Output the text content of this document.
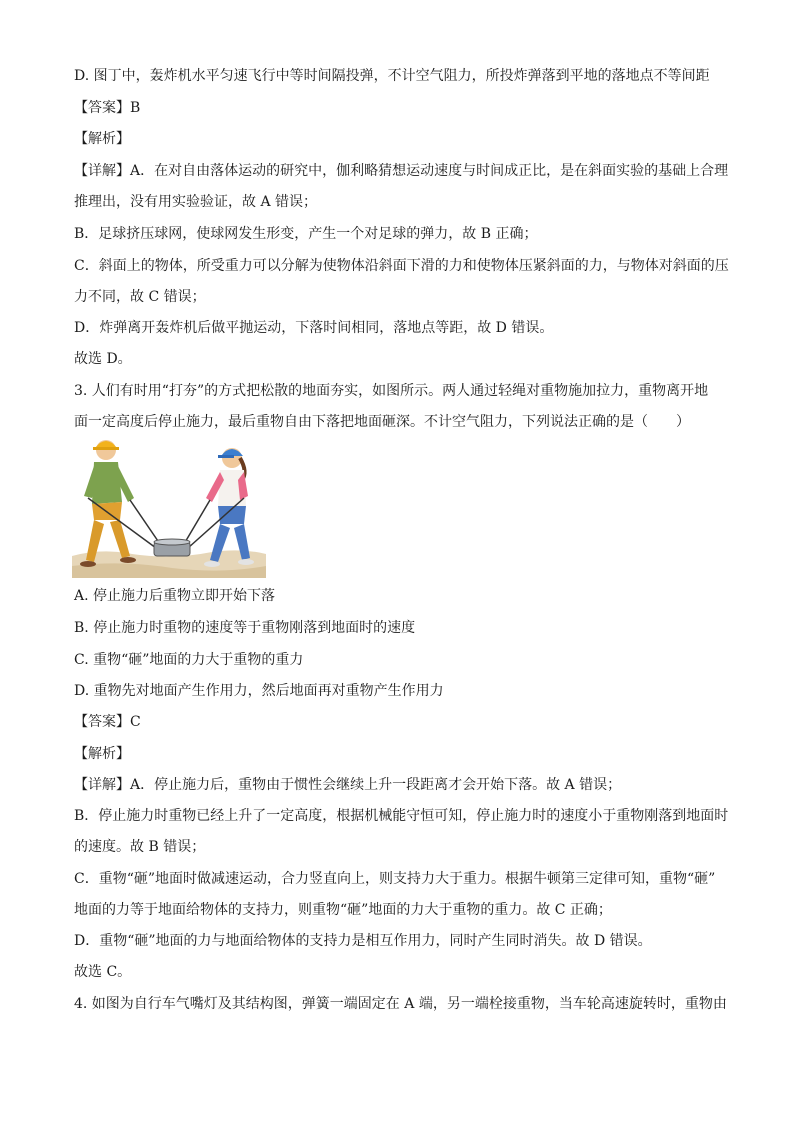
D. 图丁中，轰炸机水平匀速飞行中等时间隔投弹，不计空气阻力，所投炸弹落到平地的落地点不等间距
【答案】B
【解析】
【详解】A．在对自由落体运动的研究中，伽利略猜想运动速度与时间成正比，是在斜面实验的基础上合理
推理出，没有用实验验证，故 A 错误；
B．足球挤压球网，使球网发生形变，产生一个对足球的弹力，故 B 正确；
C．斜面上的物体，所受重力可以分解为使物体沿斜面下滑的力和使物体压紧斜面的力，与物体对斜面的压
力不同，故 C 错误；
D．炸弹离开轰炸机后做平抛运动，下落时间相同，落地点等距，故 D 错误。
故选 D。
3. 人们有时用“打夯”的方式把松散的地面夯实，如图所示。两人通过轻绳对重物施加拉力，重物离开地
面一定高度后停止施力，最后重物自由下落把地面砸深。不计空气阻力，下列说法正确的是（　　）
A. 停止施力后重物立即开始下落
B. 停止施力时重物的速度等于重物刚落到地面时的速度
C. 重物“砸”地面的力大于重物的重力
D. 重物先对地面产生作用力，然后地面再对重物产生作用力
【答案】C
【解析】
【详解】A．停止施力后，重物由于惯性会继续上升一段距离才会开始下落。故 A 错误；
B．停止施力时重物已经上升了一定高度，根据机械能守恒可知，停止施力时的速度小于重物刚落到地面时
的速度。故 B 错误；
C．重物“砸”地面时做减速运动，合力竖直向上，则支持力大于重力。根据牛顿第三定律可知，重物“砸”
地面的力等于地面给物体的支持力，则重物“砸”地面的力大于重物的重力。故 C 正确；
D．重物“砸”地面的力与地面给物体的支持力是相互作用力，同时产生同时消失。故 D 错误。
故选 C。
4. 如图为自行车气嘴灯及其结构图，弹簧一端固定在 A 端，另一端栓接重物，当车轮高速旋转时，重物由
